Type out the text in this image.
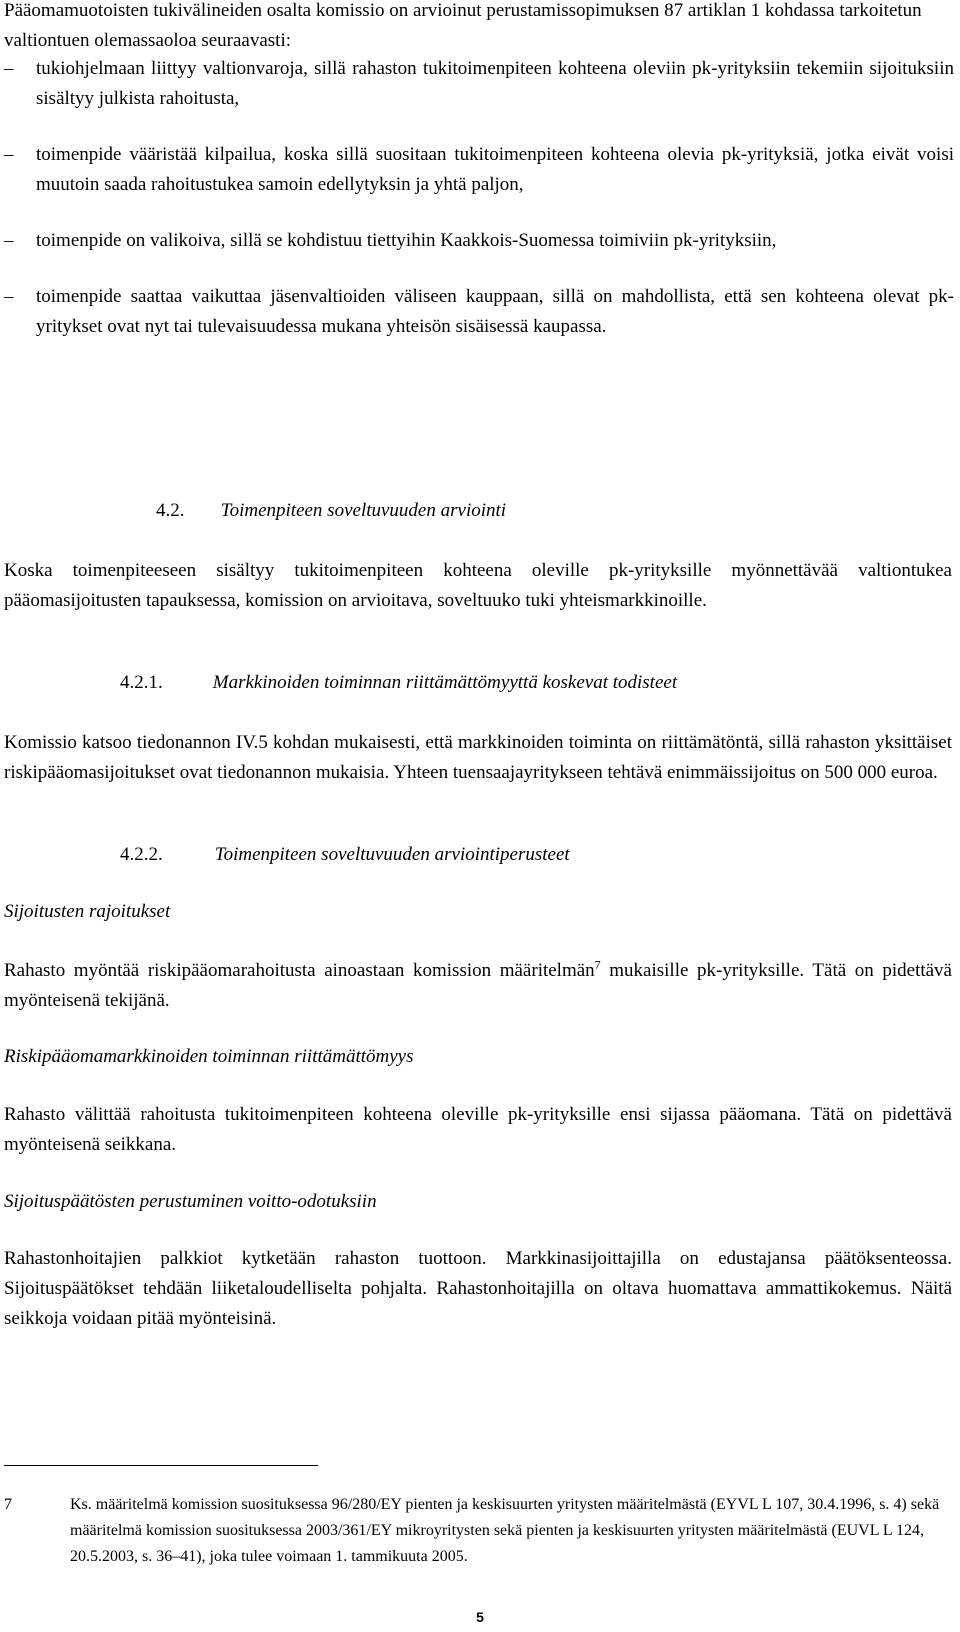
Pääomamuotoisten tukivälineiden osalta komissio on arvioinut perustamissopimuksen 87 artiklan 1 kohdassa tarkoitetun valtiontuen olemassaoloa seuraavasti:

–	tukiohjelmaan liittyy valtionvaroja, sillä rahaston tukitoimenpiteen kohteena oleviin pk-yrityksiin tekemiin sijoituksiin sisältyy julkista rahoitusta,
–	toimenpide vääristää kilpailua, koska sillä suositaan tukitoimenpiteen kohteena olevia pk-yrityksiä, jotka eivät voisi muutoin saada rahoitustukea samoin edellytyksin ja yhtä paljon,
–	toimenpide on valikoiva, sillä se kohdistuu tiettyihin Kaakkois-Suomessa toimiviin pk-yrityksiin,
–	toimenpide saattaa vaikuttaa jäsenvaltioiden väliseen kauppaan, sillä on mahdollista, että sen kohteena olevat pk-yritykset ovat nyt tai tulevaisuudessa mukana yhteisön sisäisessä kaupassa.
4.2. Toimenpiteen soveltuvuuden arviointi

Koska toimenpiteeseen sisältyy tukitoimenpiteen kohteena oleville pk-yrityksille myönnettävää valtiontukea pääomasijoitusten tapauksessa, komission on arvioitava, soveltuuko tuki yhteismarkkinoille.

4.2.1.	Markkinoiden toiminnan riittämättömyyttä koskevat todisteet

Komissio katsoo tiedonannon IV.5 kohdan mukaisesti, että markkinoiden toiminta on riittämätöntä, sillä rahaston yksittäiset riskipääomasijoitukset ovat tiedonannon mukaisia. Yhteen tuensaajayritykseen tehtävä enimmäissijoitus on 500 000 euroa.

4.2.2.	Toimenpiteen soveltuvuuden arviointiperusteet
Sijoitusten rajoitukset

Rahasto myöntää riskipääomarahoitusta ainoastaan komission määritelmän$^7$ mukaisille pk-yrityksille. Tätä on pidettävä myönteisenä tekijänä.

Riskipääomamarkkinoiden toiminnan riittämättömyys

Rahasto välittää rahoitusta tukitoimenpiteen kohteena oleville pk-yrityksille ensi sijassa pääomana. Tätä on pidettävä myönteisenä seikkana.

Sijoituspäätösten perustuminen voitto-odotuksiin

Rahastonhoitajien palkkiot kytketään rahaston tuottoon. Markkinasijoittajilla on edustajansa päätöksenteossa. Sijoituspäätökset tehdään liiketaloudelliselta pohjalta. Rahastonhoitajilla on oltava huomattava ammattikokemus. Näitä seikkoja voidaan pitää myönteisinä.

7	Ks. määritelmä komission suosituksessa 96/280/EY pienten ja keskisuurten yritysten määritelmästä (EYVL L 107, 30.4.1996, s. 4) sekä määritelmä komission suosituksessa 2003/361/EY mikroyritysten sekä pienten ja keskisuurten yritysten määritelmästä (EUVL L 124, 20.5.2003, s. 36–41), joka tulee voimaan 1. tammikuuta 2005.
5
